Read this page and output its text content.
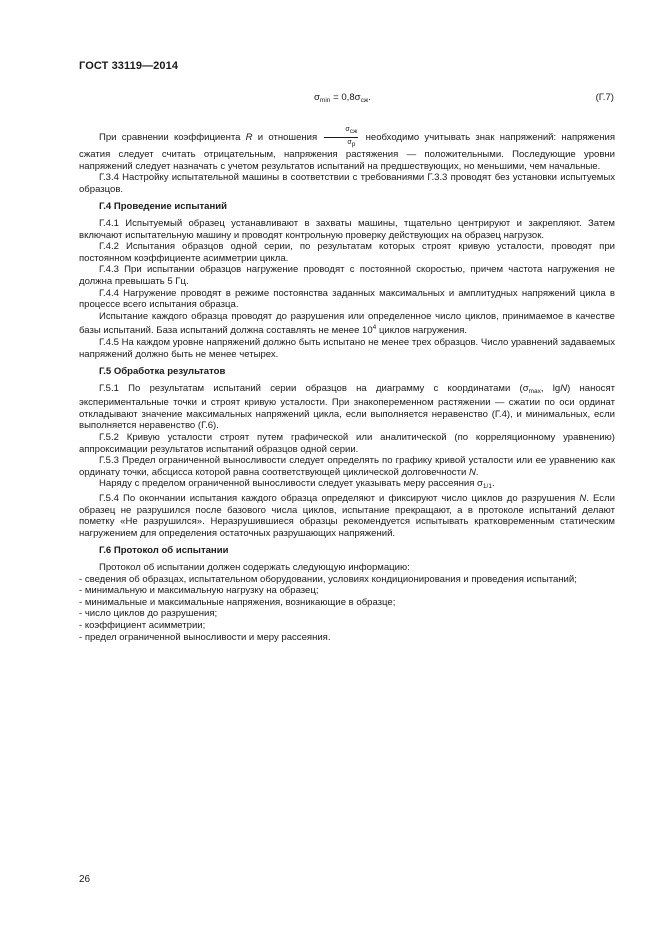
ГОСТ 33119—2014
$\sigma_{min} = 0,8\sigma_{сж}$.	(Г.7)

При сравнении коэффициента R и отношения $\frac{\sigma_{сж}}{\sigma_р}$ необходимо учитывать знак напряжений: напряжения сжатия следует считать отрицательным, напряжения растяжения — положительными. Последующие уровни напряжений следует назначать с учетом результатов испытаний на предшествующих, но меньшими, чем начальные.

Г.3.4 Настройку испытательной машины в соответствии с требованиями Г.3.3 проводят без установки испытуемых образцов.

Г.4 Проведение испытаний

Г.4.1 Испытуемый образец устанавливают в захваты машины, тщательно центрируют и закрепляют. Затем включают испытательную машину и проводят контрольную проверку действующих на образец нагрузок.

Г.4.2 Испытания образцов одной серии, по результатам которых строят кривую усталости, проводят при постоянном коэффициенте асимметрии цикла.

Г.4.3 При испытании образцов нагружение проводят с постоянной скоростью, причем частота нагружения не должна превышать 5 Гц.

Г.4.4 Нагружение проводят в режиме постоянства заданных максимальных и амплитудных напряжений цикла в процессе всего испытания образца.

Испытание каждого образца проводят до разрушения или определенное число циклов, принимаемое в качестве базы испытаний. База испытаний должна составлять не менее $10^4$ циклов нагружения.

Г.4.5 На каждом уровне напряжений должно быть испытано не менее трех образцов. Число уравнений задаваемых напряжений должно быть не менее четырех.

Г.5 Обработка результатов

Г.5.1 По результатам испытаний серии образцов на диаграмму с координатами ($\sigma_{max}$, lgN) наносят экспериментальные точки и строят кривую усталости. При знакопеременном растяжении — сжатии по оси ординат откладывают значение максимальных напряжений цикла, если выполняется неравенство (Г.4), и минимальных, если выполняется неравенство (Г.6).

Г.5.2 Кривую усталости строят путем графической или аналитической (по корреляционному уравнению) аппроксимации результатов испытаний образцов одной серии.

Г.5.3 Предел ограниченной выносливости следует определять по графику кривой усталости или ее уравнению как ординату точки, абсцисса которой равна соответствующей циклической долговечности N.

Наряду с пределом ограниченной выносливости следует указывать меру рассеяния $\sigma_{1/1}$.

Г.5.4 По окончании испытания каждого образца определяют и фиксируют число циклов до разрушения N. Если образец не разрушился после базового числа циклов, испытание прекращают, а в протоколе испытаний делают пометку «Не разрушился». Неразрушившиеся образцы рекомендуется испытывать кратковременным статическим нагружением для определения остаточных разрушающих напряжений.

Г.6 Протокол об испытании

Протокол об испытании должен содержать следующую информацию:

- сведения об образцах, испытательном оборудовании, условиях кондиционирования и проведения испытаний;

- минимальную и максимальную нагрузку на образец;

- минимальные и максимальные напряжения, возникающие в образце;

- число циклов до разрушения;

- коэффициент асимметрии;

- предел ограниченной выносливости и меру рассеяния.

26
